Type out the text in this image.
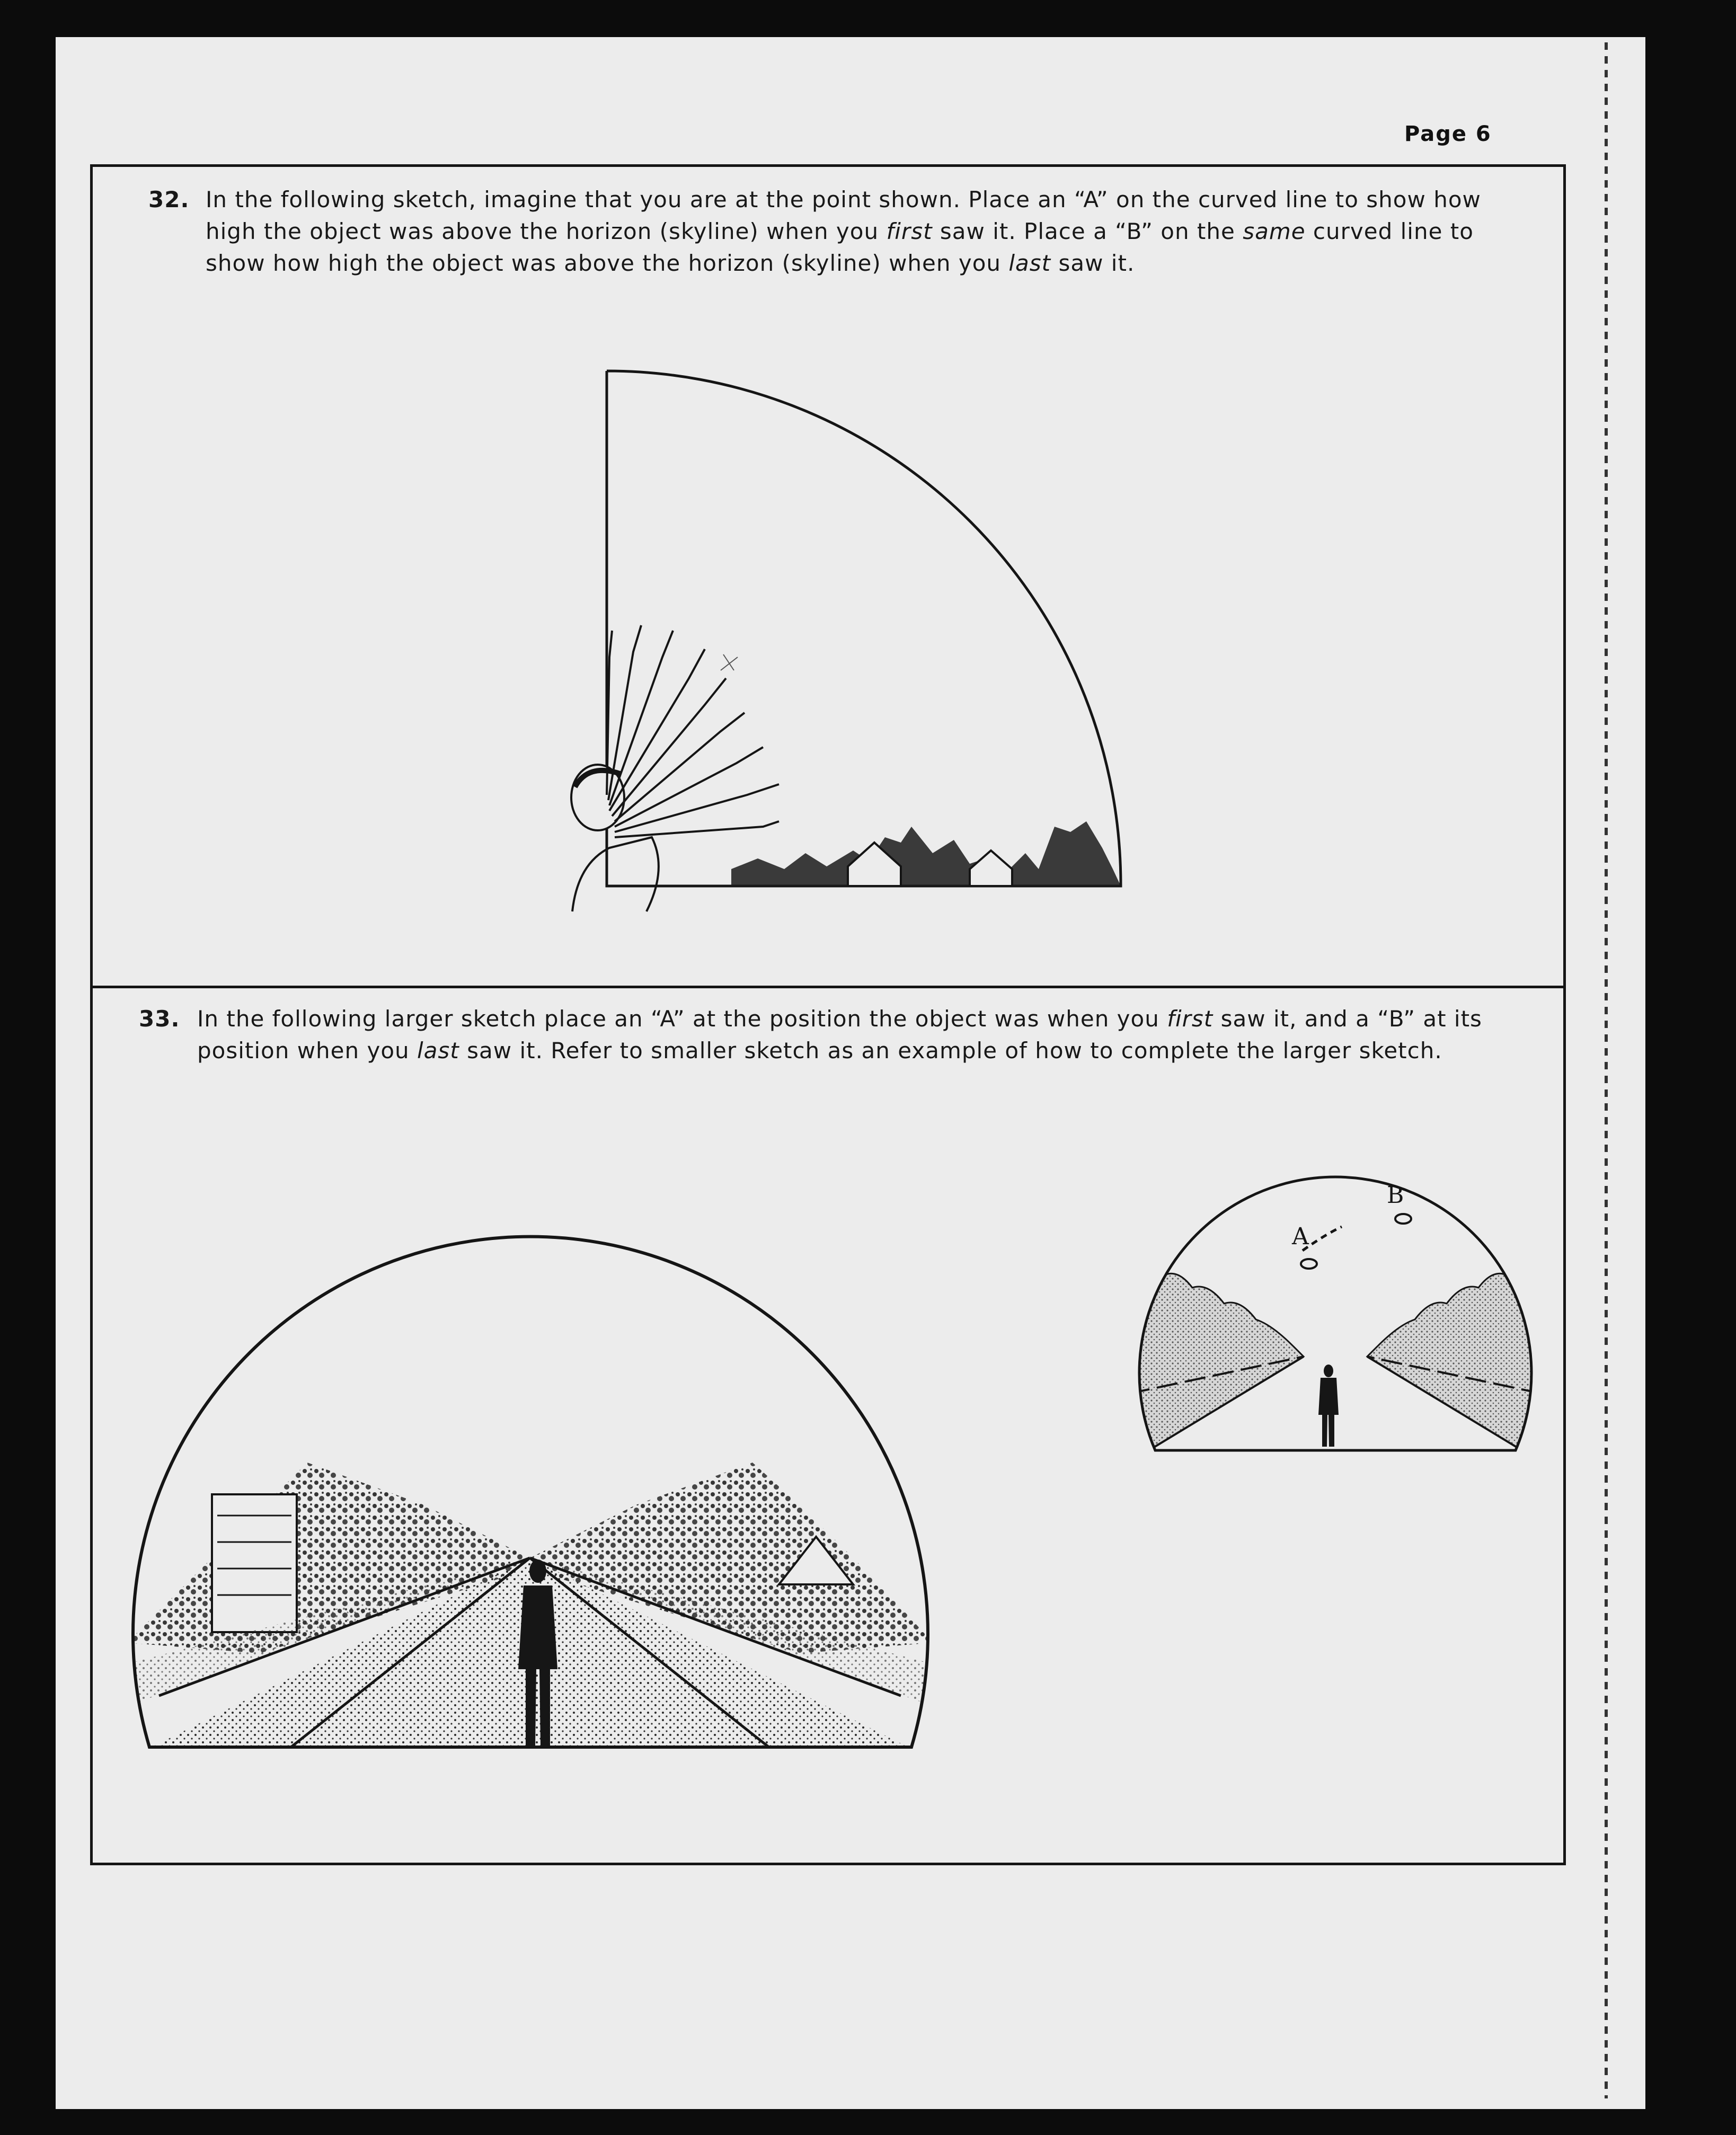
Page 6
32. In the following sketch, imagine that you are at the point shown. Place an “A” on the curved line to show how high the object was above the horizon (skyline) when you first saw it. Place a “B” on the same curved line to show how high the object was above the horizon (skyline) when you last saw it.
33. In the following larger sketch place an “A” at the position the object was when you first saw it, and a “B” at its position when you last saw it. Refer to smaller sketch as an example of how to complete the larger sketch.
A
B
